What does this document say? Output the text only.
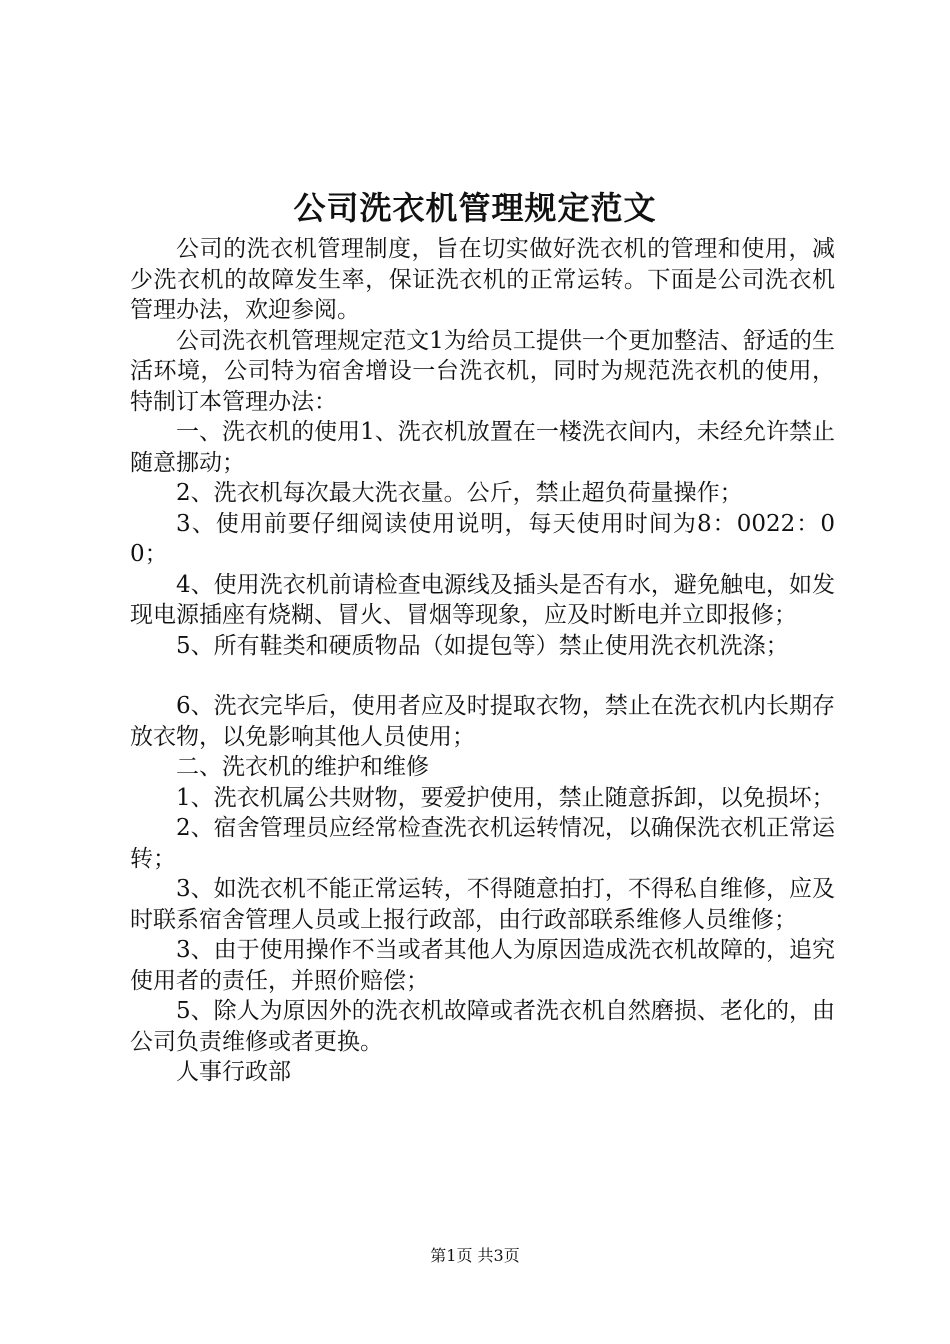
公司洗衣机管理规定范文

公司的洗衣机管理制度，旨在切实做好洗衣机的管理和使用，减少洗衣机的故障发生率，保证洗衣机的正常运转。下面是公司洗衣机管理办法，欢迎参阅。

公司洗衣机管理规定范文1为给员工提供一个更加整洁、舒适的生活环境，公司特为宿舍增设一台洗衣机，同时为规范洗衣机的使用，特制订本管理办法：

一、洗衣机的使用1、洗衣机放置在一楼洗衣间内，未经允许禁止随意挪动；

2、洗衣机每次最大洗衣量。公斤，禁止超负荷量操作；

3、使用前要仔细阅读使用说明，每天使用时间为8：0022：00；

4、使用洗衣机前请检查电源线及插头是否有水，避免触电，如发现电源插座有烧糊、冒火、冒烟等现象，应及时断电并立即报修；

5、所有鞋类和硬质物品（如提包等）禁止使用洗衣机洗涤；

6、洗衣完毕后，使用者应及时提取衣物，禁止在洗衣机内长期存放衣物，以免影响其他人员使用；

二、洗衣机的维护和维修

1、洗衣机属公共财物，要爱护使用，禁止随意拆卸，以免损坏；

2、宿舍管理员应经常检查洗衣机运转情况，以确保洗衣机正常运转；

3、如洗衣机不能正常运转，不得随意拍打，不得私自维修，应及时联系宿舍管理人员或上报行政部，由行政部联系维修人员维修；

3、由于使用操作不当或者其他人为原因造成洗衣机故障的，追究使用者的责任，并照价赔偿；

5、除人为原因外的洗衣机故障或者洗衣机自然磨损、老化的，由公司负责维修或者更换。

人事行政部

第1页 共3页
